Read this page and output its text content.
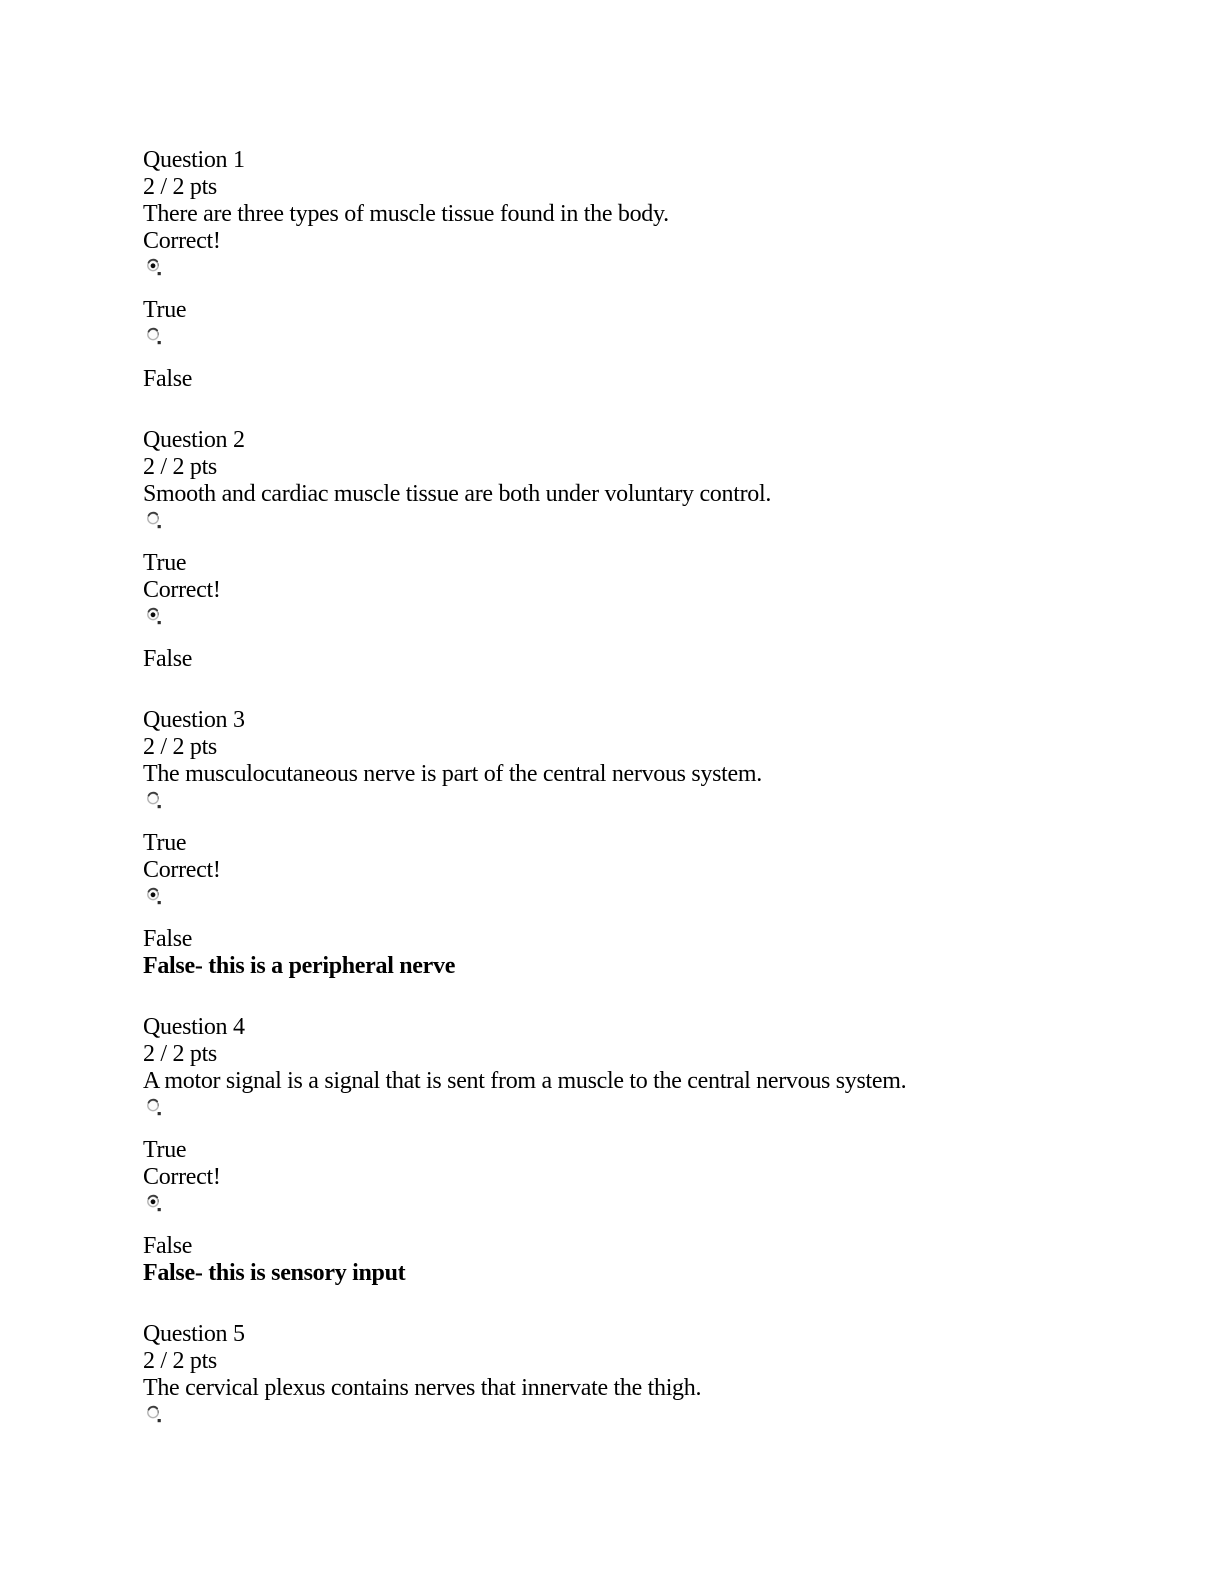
Question 1
2 / 2 pts
There are three types of muscle tissue found in the body.
Correct!
True
False
Question 2
2 / 2 pts
Smooth and cardiac muscle tissue are both under voluntary control.
True
Correct!
False
Question 3
2 / 2 pts
The musculocutaneous nerve is part of the central nervous system.
True
Correct!
False
False- this is a peripheral nerve
Question 4
2 / 2 pts
A motor signal is a signal that is sent from a muscle to the central nervous system.
True
Correct!
False
False- this is sensory input
Question 5
2 / 2 pts
The cervical plexus contains nerves that innervate the thigh.
